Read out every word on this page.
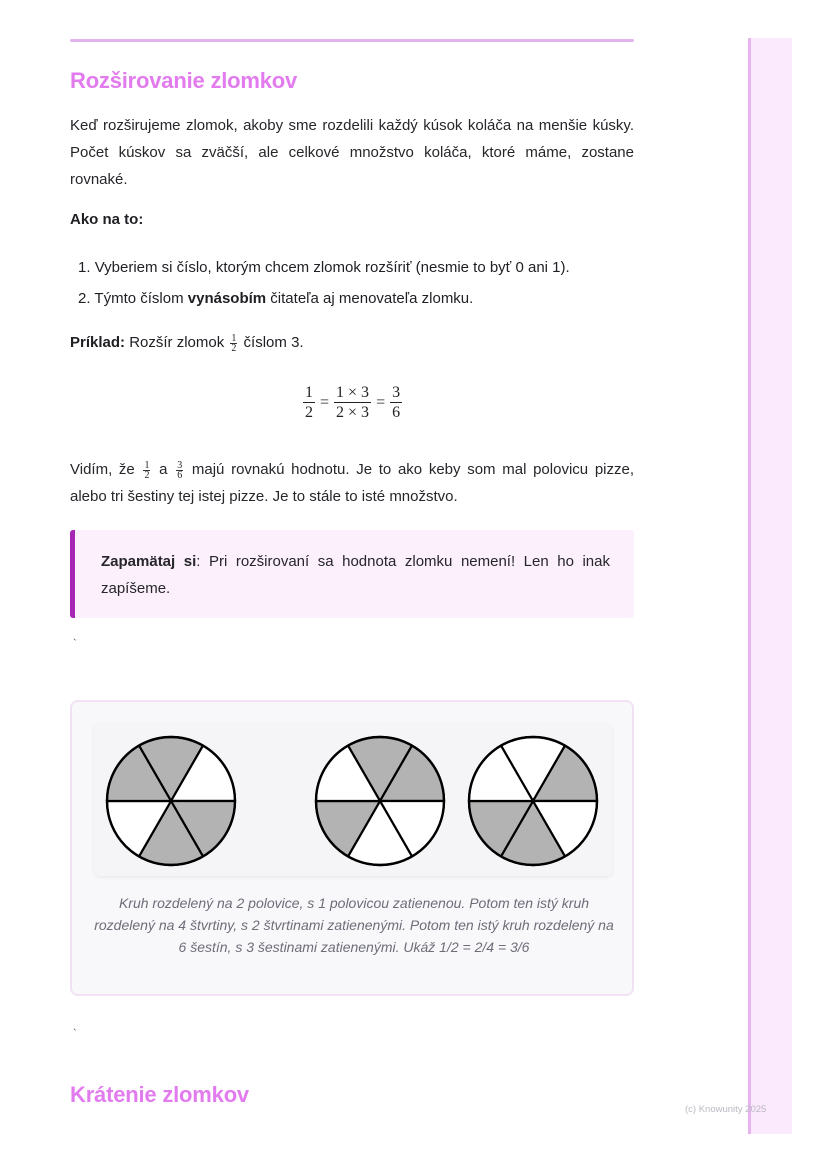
Rozširovanie zlomkov

Keď rozširujeme zlomok, akoby sme rozdelili každý kúsok koláča na menšie kúsky. Počet kúskov sa zväčší, ale celkové množstvo koláča, ktoré máme, zostane rovnaké.

Ako na to:
1. Vyberiem si číslo, ktorým chcem zlomok rozšíriť (nesmie to byť 0 ani 1).
2. Týmto číslom vynásobím čitateľa aj menovateľa zlomku.
Príklad: Rozšír zlomok $\frac{1}{2}$ číslom 3.
$\frac{1}{2} = \frac{1 \times 3}{2 \times 3} = \frac{3}{6}$

Vidím, že $\frac{1}{2}$ a $\frac{3}{6}$ majú rovnakú hodnotu. Je to ako keby som mal polovicu pizze, alebo tri šestiny tej istej pizze. Je to stále to isté množstvo.

Zapamätaj si: Pri rozširovaní sa hodnota zlomku nemení! Len ho inak zapíšeme.
`
Kruh rozdelený na 2 polovice, s 1 polovicou zatienenou. Potom ten istý kruh rozdelený na 4 štvrtiny, s 2 štvrtinami zatienenými. Potom ten istý kruh rozdelený na 6 šestín, s 3 šestinami zatienenými. Ukáž 1/2 = 2/4 = 3/6
`
Krátenie zlomkov
(c) Knowunity 2025
